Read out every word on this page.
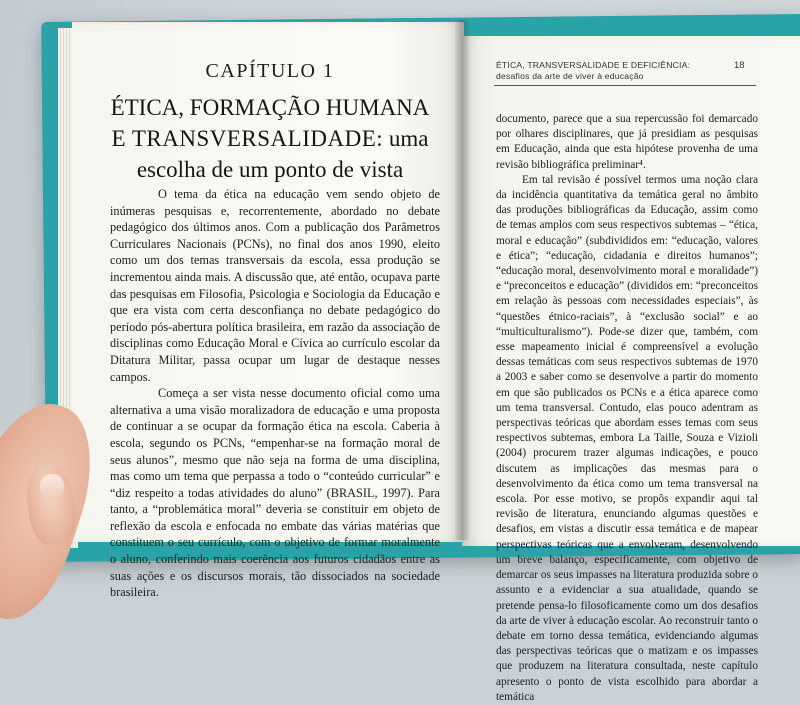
CAPÍTULO 1
ÉTICA, FORMAÇÃO HUMANA
E TRANSVERSALIDADE: uma
escolha de um ponto de vista

O tema da ética na educação vem sendo objeto de inúmeras pesquisas e, recorrentemente, abordado no debate pedagógico dos últimos anos. Com a publicação dos Parâmetros Curriculares Nacionais (PCNs), no final dos anos 1990, eleito como um dos temas transversais da escola, essa produção se incrementou ainda mais. A discussão que, até então, ocupava parte das pesquisas em Filosofia, Psicologia e Sociologia da Educação e que era vista com certa desconfiança no debate pedagógico do período pós-abertura política brasileira, em razão da associação de disciplinas como Educação Moral e Cívica ao currículo escolar da Ditatura Militar, passa ocupar um lugar de destaque nesses campos.

Começa a ser vista nesse documento oficial como uma alternativa a uma visão moralizadora de educação e uma proposta de continuar a se ocupar da formação ética na escola. Caberia à escola, segundo os PCNs, “empenhar-se na formação moral de seus alunos”, mesmo que não seja na forma de uma disciplina, mas como um tema que perpassa a todo o “conteúdo curricular” e “diz respeito a todas atividades do aluno” (BRASIL, 1997). Para tanto, a “problemática moral” deveria se constituir em objeto de reflexão da escola e enfocada no embate das várias matérias que constituem o seu currículo, com o objetivo de formar moralmente o aluno, conferindo mais coerência aos futuros cidadãos entre as suas ações e os discursos morais, tão dissociados na sociedade brasileira.

ÉTICA, TRANSVERSALIDADE E DEFICIÊNCIA:
desafios da arte de viver à educação
18

documento, parece que a sua repercussão foi demarcado por olhares disciplinares, que já presidiam as pesquisas em Educação, ainda que esta hipótese provenha de uma revisão bibliográfica preliminar⁴.

Em tal revisão é possível termos uma noção clara da incidência quantitativa da temática geral no âmbito das produções bibliográficas da Educação, assim como de temas amplos com seus respectivos subtemas – “ética, moral e educação” (subdivididos em: “educação, valores e ética”; “educação, cidadania e direitos humanos”; “educação moral, desenvolvimento moral e moralidade”) e “preconceitos e educação” (divididos em: “preconceitos em relação às pessoas com necessidades especiais”, às “questões étnico-raciais”, à “exclusão social” e ao “multiculturalismo”). Pode-se dizer que, também, com esse mapeamento inicial é compreensível a evolução dessas temáticas com seus respectivos subtemas de 1970 a 2003 e saber como se desenvolve a partir do momento em que são publicados os PCNs e a ética aparece como um tema transversal. Contudo, elas pouco adentram as perspectivas teóricas que abordam esses temas com seus respectivos subtemas, embora La Taille, Souza e Vizioli (2004) procurem trazer algumas indicações, e pouco discutem as implicações das mesmas para o desenvolvimento da ética como um tema transversal na escola. Por esse motivo, se propôs expandir aqui tal revisão de literatura, enunciando algumas questões e desafios, em vistas a discutir essa temática e de mapear perspectivas teóricas que a envolveram, desenvolvendo um breve balanço, especificamente, com objetivo de demarcar os seus impasses na literatura produzida sobre o assunto e a evidenciar a sua atualidade, quando se pretende pensa-lo filosoficamente como um dos desafios da arte de viver à educação escolar. Ao reconstruir tanto o debate em torno dessa temática, evidenciando algumas das perspectivas teóricas que o matizam e os impasses que produzem na literatura consultada, neste capítulo apresento o ponto de vista escolhido para abordar a temática
